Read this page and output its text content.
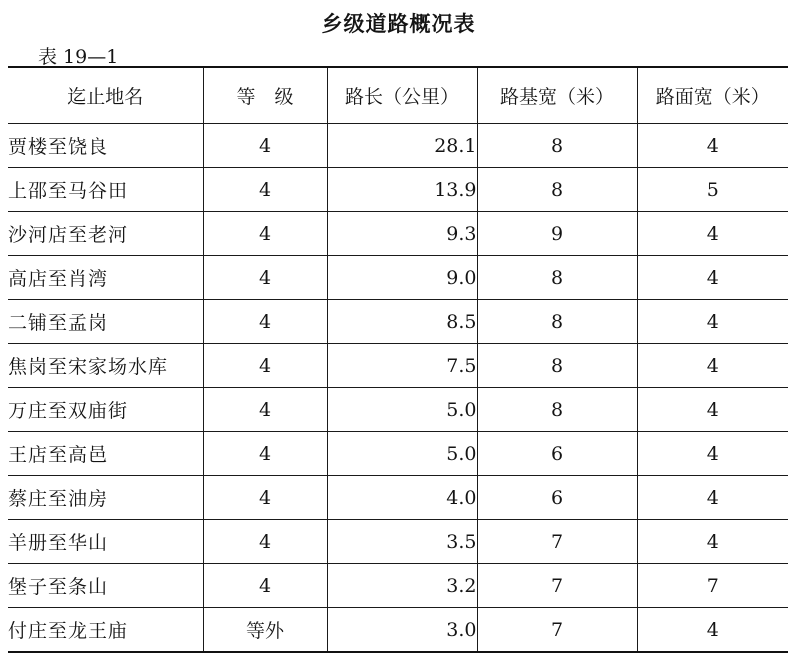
乡级道路概况表
表 19—1
迄止地名	等　级	路长（公里）	路基宽（米）	路面宽（米）
贾楼至饶良	4	28.1	8	4
上邵至马谷田	4	13.9	8	5
沙河店至老河	4	9.3	9	4
高店至肖湾	4	9.0	8	4
二铺至孟岗	4	8.5	8	4
焦岗至宋家场水库	4	7.5	8	4
万庄至双庙街	4	5.0	8	4
王店至高邑	4	5.0	6	4
蔡庄至油房	4	4.0	6	4
羊册至华山	4	3.5	7	4
堡子至条山	4	3.2	7	7
付庄至龙王庙	等外	3.0	7	4
